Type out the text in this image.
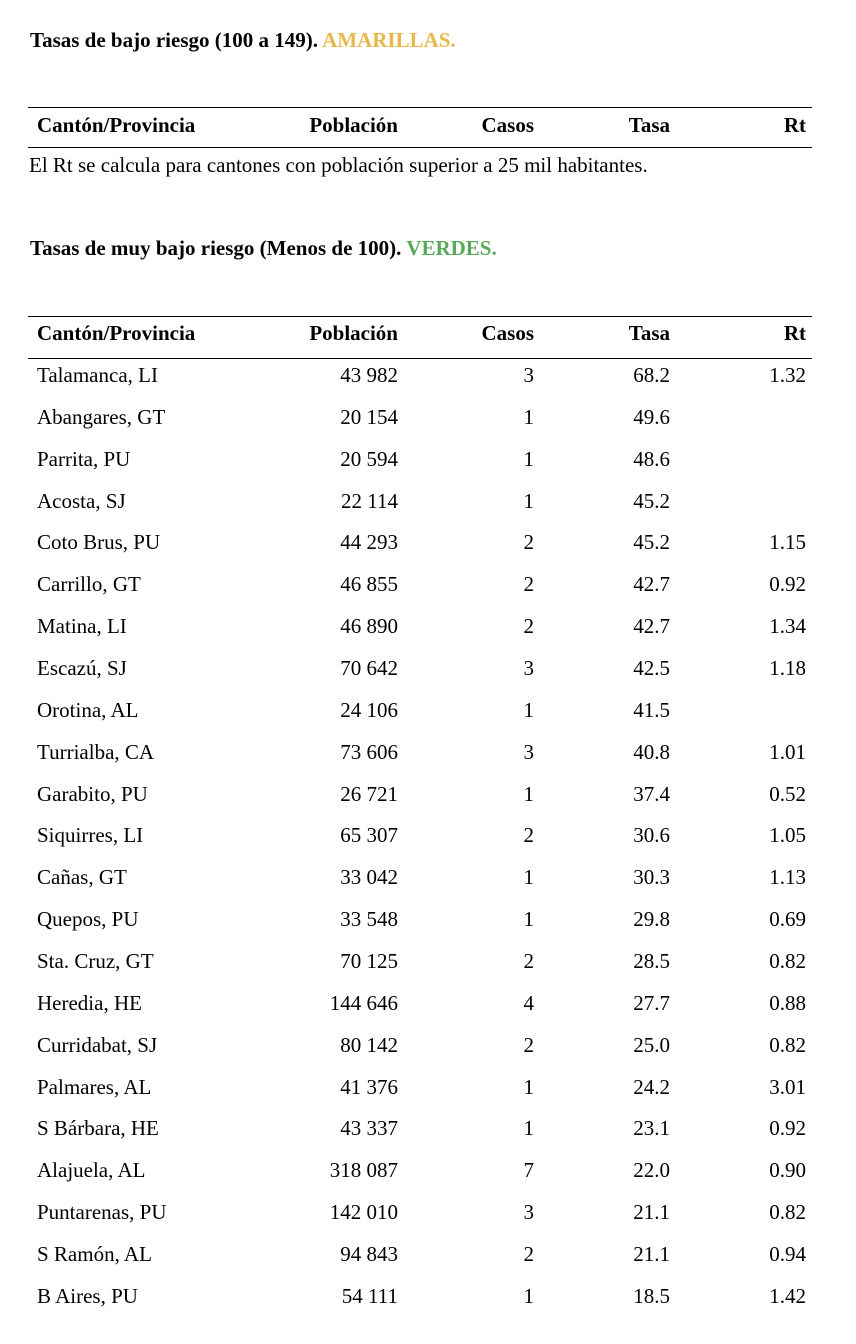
Tasas de bajo riesgo (100 a 149). AMARILLAS.
Cantón/Provincia	Población	Casos	Tasa	Rt
El Rt se calcula para cantones con población superior a 25 mil habitantes.
Tasas de muy bajo riesgo (Menos de 100). VERDES.
Cantón/Provincia	Población	Casos	Tasa	Rt
Talamanca, LI	43 982	3	68.2	1.32
Abangares, GT	20 154	1	49.6
Parrita, PU	20 594	1	48.6
Acosta, SJ	22 114	1	45.2
Coto Brus, PU	44 293	2	45.2	1.15
Carrillo, GT	46 855	2	42.7	0.92
Matina, LI	46 890	2	42.7	1.34
Escazú, SJ	70 642	3	42.5	1.18
Orotina, AL	24 106	1	41.5
Turrialba, CA	73 606	3	40.8	1.01
Garabito, PU	26 721	1	37.4	0.52
Siquirres, LI	65 307	2	30.6	1.05
Cañas, GT	33 042	1	30.3	1.13
Quepos, PU	33 548	1	29.8	0.69
Sta. Cruz, GT	70 125	2	28.5	0.82
Heredia, HE	144 646	4	27.7	0.88
Curridabat, SJ	80 142	2	25.0	0.82
Palmares, AL	41 376	1	24.2	3.01
S Bárbara, HE	43 337	1	23.1	0.92
Alajuela, AL	318 087	7	22.0	0.90
Puntarenas, PU	142 010	3	21.1	0.82
S Ramón, AL	94 843	2	21.1	0.94
B Aires, PU	54 111	1	18.5	1.42
